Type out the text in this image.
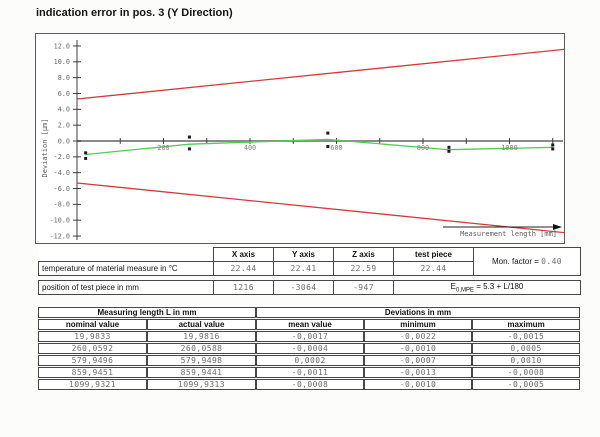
indication error in pos. 3 (Y Direction)
-12.0
-10.0
-8.0
-6.0
-4.0
-2.0
0.0
2.0
4.0
6.0
8.0
10.0
12.0
200	400	600	800	1000
Deviation [µm]
Measurement length [mm]
	X axis	Y axis	Z axis	test piece	Mon. factor = 0.40
temperature of material measure in °C	22.44	22.41	22.59	22.44	
position of test piece in mm	1216	-3064	-947	$E_{0,MPE} = 5.3 + L/180$
Measuring length L in mm		Deviations in mm		
nominal value	actual value	mean value	minimum	maximum
19,9833	19,9816	-0,0017	-0,0022	-0,0015
260,0592	260,0588	-0,0004	-0,0010	0,0005
579,9496	579,9498	0,0002	-0,0007	0,0010
859,9451	859,9441	-0,0011	-0,0013	-0,0008
1099,9321	1099,9313	-0,0008	-0,0010	-0,0005
